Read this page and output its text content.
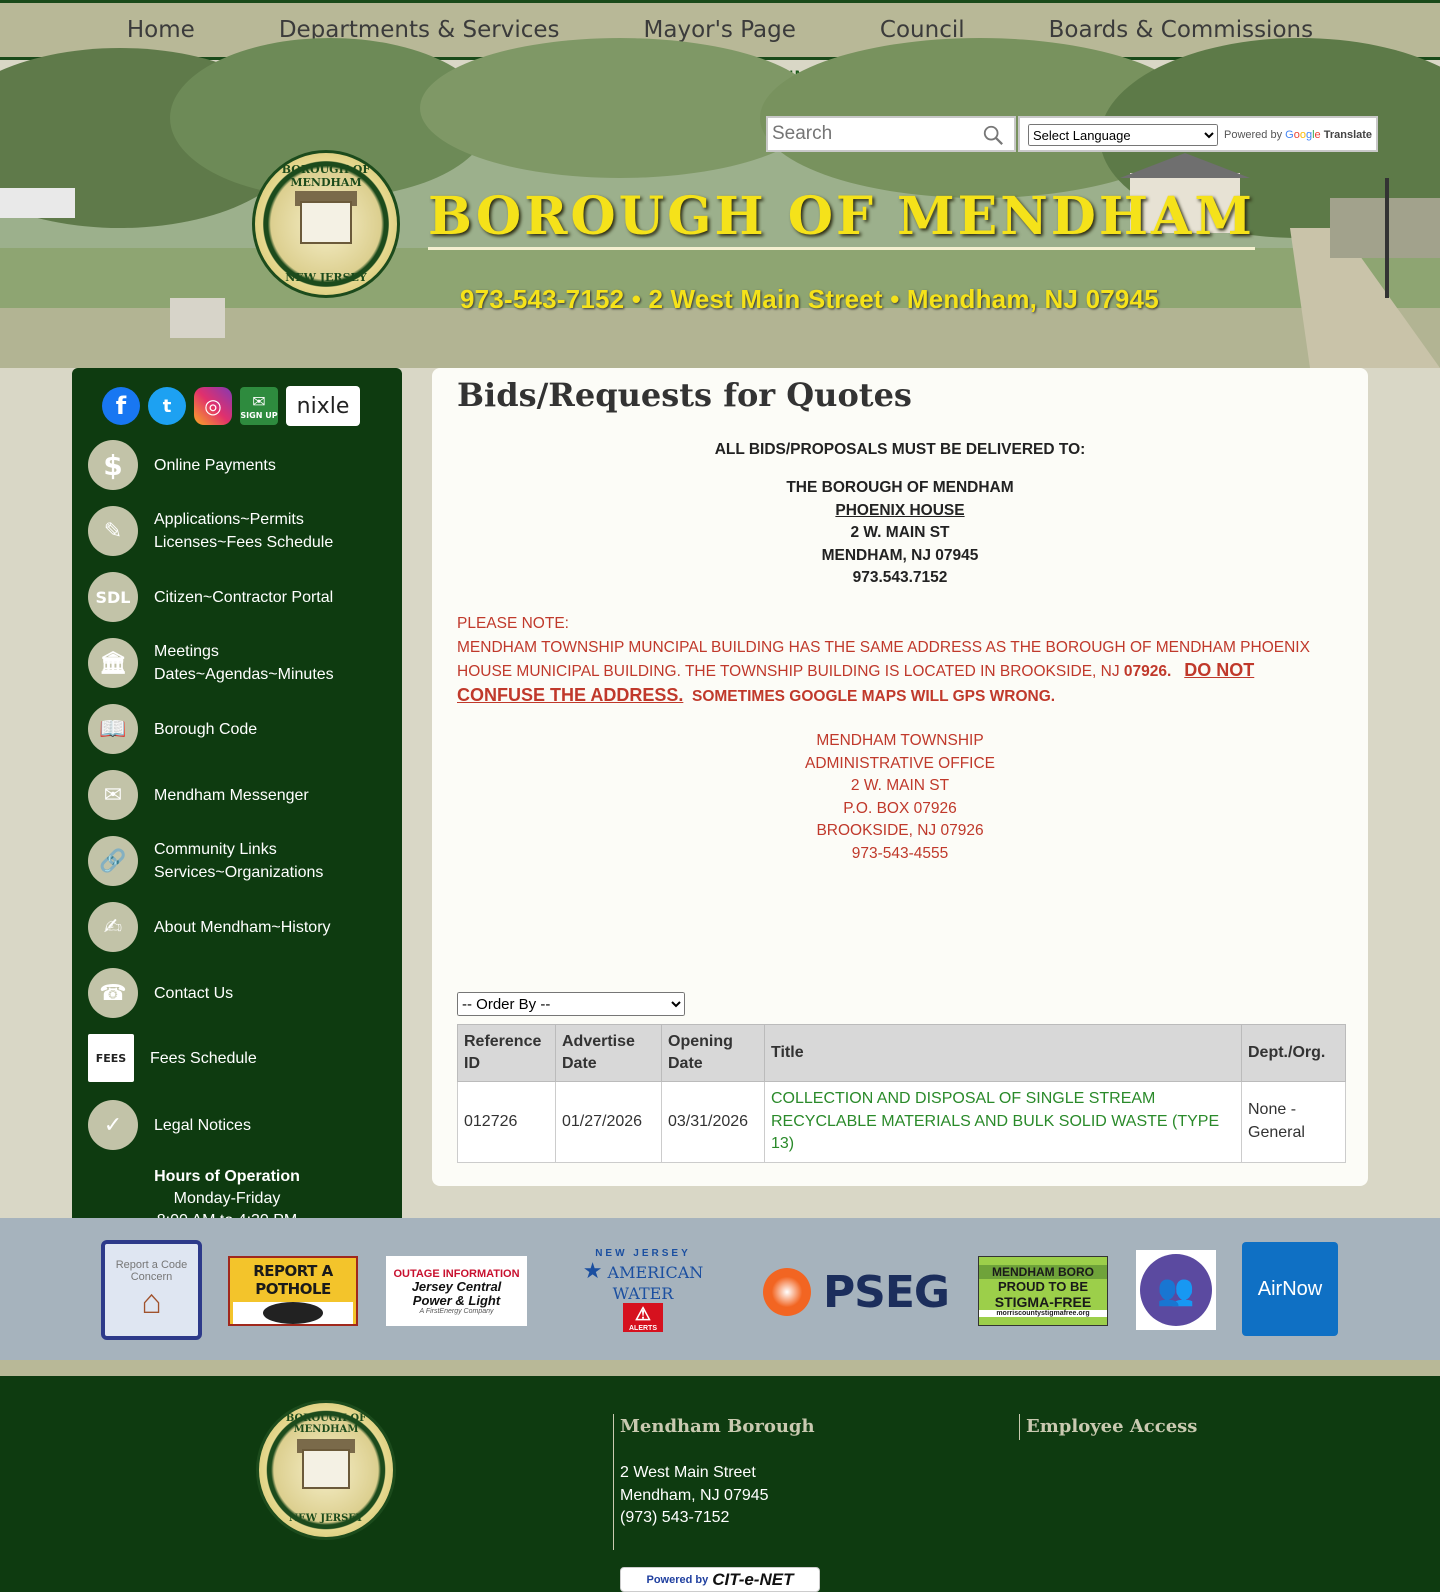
Home	Departments & Services	Mayor's Page	Council	Boards & Commissions
BOROUGH OF MENDHAM
NEW JERSEY
BOROUGH OF MENDHAM
973-543-7152 • 2 West Main Street • Mendham, NJ 07945
Search
Select Language
Powered by Google Translate
f	t	◎	✉
SIGN UP nixle
$	Online Payments
✎	Applications~Permits
Licenses~Fees Schedule
SDL	Citizen~Contractor Portal
🏛	Meetings
Dates~Agendas~Minutes
📖	Borough Code
✉	Mendham Messenger
🔗	Community Links
Services~Organizations
✍	About Mendham~History
☎	Contact Us
FEES	Fees Schedule
✓	Legal Notices
Hours of Operation
Monday-Friday
Bids/Requests for Quotes
ALL BIDS/PROPOSALS MUST BE DELIVERED TO:
THE BOROUGH OF MENDHAM
PHOENIX HOUSE
2 W. MAIN ST
MENDHAM, NJ 07945
973.543.7152
PLEASE NOTE:
MENDHAM TOWNSHIP MUNCIPAL BUILDING HAS THE SAME ADDRESS AS THE BOROUGH OF MENDHAM PHOENIX HOUSE MUNICIPAL BUILDING. THE TOWNSHIP BUILDING IS LOCATED IN BROOKSIDE, NJ 07926. DO NOT CONFUSE THE ADDRESS. SOMETIMES GOOGLE MAPS WILL GPS WRONG.
MENDHAM TOWNSHIP
ADMINISTRATIVE OFFICE
2 W. MAIN ST
P.O. BOX 07926
BROOKSIDE, NJ 07926
973-543-4555
-- Order By --
Reference ID	Advertise Date	Opening Date	Title	Dept./Org.
012726	01/27/2026	03/31/2026	COLLECTION AND DISPOSAL OF SINGLE STREAM RECYCLABLE MATERIALS AND BULK SOLID WASTE (TYPE 13)	None - General
Report a Code Concern
⌂
REPORT A POTHOLE
OUTAGE INFORMATION
Jersey Central Power & Light
A FirstEnergy Company
NEW JERSEY
★ AMERICAN WATER
⚠
ALERTS
PSEG	MENDHAM BORO
PROUD TO BE
STIGMA-FREE
morriscountystigmafree.org
👥	AirNow
BOROUGH OF MENDHAM
NEW JERSEY
Mendham Borough
2 West Main Street
Mendham, NJ 07945
(973) 543-7152
Employee Access
Powered by CIT-e-NET
